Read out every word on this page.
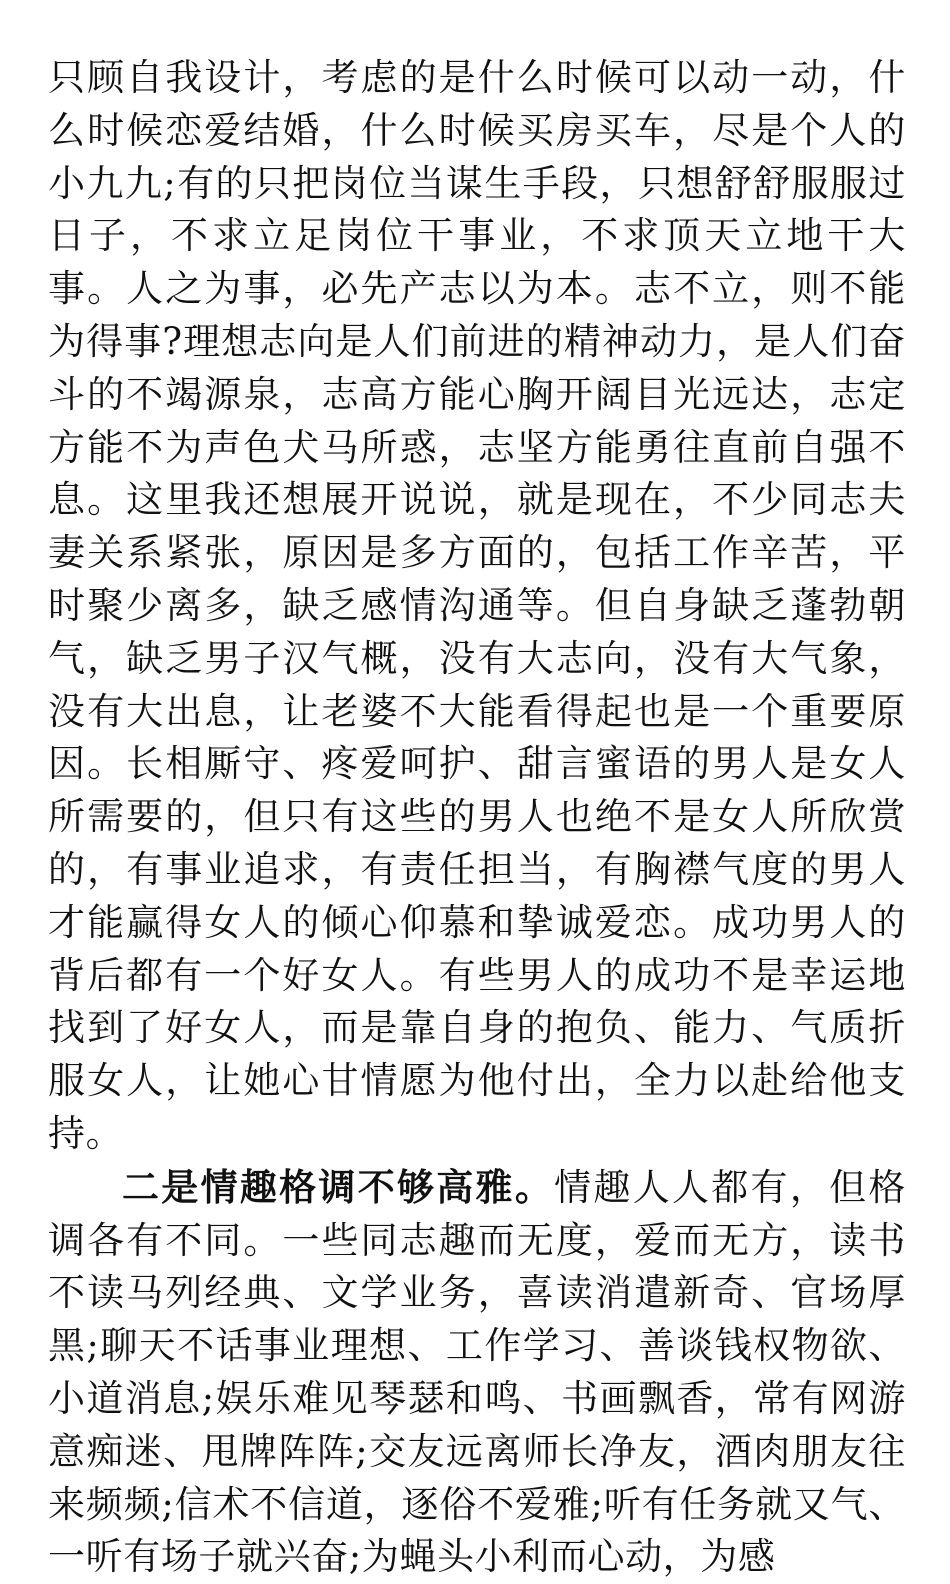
只顾自我设计，考虑的是什么时候可以动一动，什么时候恋爱结婚，什么时候买房买车，尽是个人的小九九;有的只把岗位当谋生手段，只想舒舒服服过日子，不求立足岗位干事业，不求顶天立地干大事。人之为事，必先产志以为本。志不立，则不能为得事?理想志向是人们前进的精神动力，是人们奋斗的不竭源泉，志高方能心胸开阔目光远达，志定方能不为声色犬马所惑，志坚方能勇往直前自强不息。这里我还想展开说说，就是现在，不少同志夫妻关系紧张，原因是多方面的，包括工作辛苦，平时聚少离多，缺乏感情沟通等。但自身缺乏蓬勃朝气，缺乏男子汉气概，没有大志向，没有大气象，没有大出息，让老婆不大能看得起也是一个重要原因。长相厮守、疼爱呵护、甜言蜜语的男人是女人所需要的，但只有这些的男人也绝不是女人所欣赏的，有事业追求，有责任担当，有胸襟气度的男人才能赢得女人的倾心仰慕和挚诚爱恋。成功男人的背后都有一个好女人。有些男人的成功不是幸运地找到了好女人，而是靠自身的抱负、能力、气质折服女人，让她心甘情愿为他付出，全力以赴给他支持。

二是情趣格调不够高雅。情趣人人都有，但格调各有不同。一些同志趣而无度，爱而无方，读书不读马列经典、文学业务，喜读消遣新奇、官场厚黑;聊天不话事业理想、工作学习、善谈钱权物欲、小道消息;娱乐难见琴瑟和鸣、书画飘香，常有网游意痴迷、甩牌阵阵;交友远离师长净友，酒肉朋友往来频频;信术不信道，逐俗不爱雅;听有任务就又气、一听有场子就兴奋;为蝇头小利而心动，为感
